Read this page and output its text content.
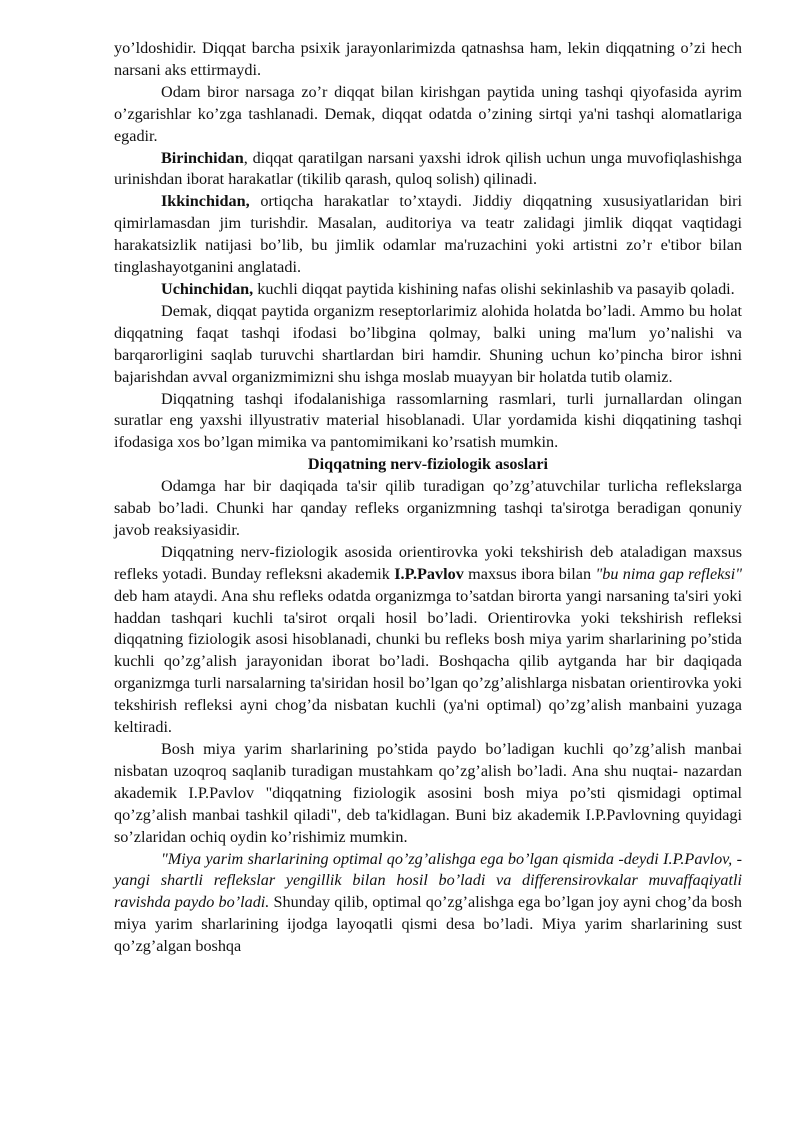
yo’ldoshidir. Diqqat barcha psixik jarayonlarimizda qatnashsa ham, lekin diqqatning o’zi hech narsani aks ettirmaydi.

Odam biror narsaga zo’r diqqat bilan kirishgan paytida uning tashqi qiyofasida ayrim o’zgarishlar ko’zga tashlanadi. Demak, diqqat odatda o’zining sirtqi ya'ni tashqi alomatlariga egadir.

Birinchidan, diqqat qaratilgan narsani yaxshi idrok qilish uchun unga muvofiqlashishga urinishdan iborat harakatlar (tikilib qarash, quloq solish) qilinadi.

Ikkinchidan, ortiqcha harakatlar to’xtaydi. Jiddiy diqqatning xususiyatlaridan biri qimirlamasdan jim turishdir. Masalan, auditoriya va teatr zalidagi jimlik diqqat vaqtidagi harakatsizlik natijasi bo’lib, bu jimlik odamlar ma'ruzachini yoki artistni zo’r e'tibor bilan tinglashayotganini anglatadi.

Uchinchidan, kuchli diqqat paytida kishining nafas olishi sekinlashib va pasayib qoladi.

Demak, diqqat paytida organizm reseptorlarimiz alohida holatda bo’ladi. Ammo bu holat diqqatning faqat tashqi ifodasi bo’libgina qolmay, balki uning ma'lum yo’nalishi va barqarorligini saqlab turuvchi shartlardan biri hamdir. Shuning uchun ko’pincha biror ishni bajarishdan avval organizmimizni shu ishga moslab muayyan bir holatda tutib olamiz.

Diqqatning tashqi ifodalanishiga rassomlarning rasmlari, turli jurnallardan olingan suratlar eng yaxshi illyustrativ material hisoblanadi. Ular yordamida kishi diqqatining tashqi ifodasiga xos bo’lgan mimika va pantomimikani ko’rsatish mumkin.

Diqqatning nerv-fiziologik asoslari

Odamga har bir daqiqada ta'sir qilib turadigan qo’zg’atuvchilar turlicha reflekslarga sabab bo’ladi. Chunki har qanday refleks organizmning tashqi ta'sirotga beradigan qonuniy javob reaksiyasidir.

Diqqatning nerv-fiziologik asosida orientirovka yoki tekshirish deb ataladigan maxsus refleks yotadi. Bunday refleksni akademik I.P.Pavlov maxsus ibora bilan "bu nima gap refleksi" deb ham ataydi. Ana shu refleks odatda organizmga to’satdan birorta yangi narsaning ta'siri yoki haddan tashqari kuchli ta'sirot orqali hosil bo’ladi. Orientirovka yoki tekshirish refleksi diqqatning fiziologik asosi hisoblanadi, chunki bu refleks bosh miya yarim sharlarining po’stida kuchli qo’zg’alish jarayonidan iborat bo’ladi. Boshqacha qilib aytganda har bir daqiqada organizmga turli narsalarning ta'siridan hosil bo’lgan qo’zg’alishlarga nisbatan orientirovka yoki tekshirish refleksi ayni chog’da nisbatan kuchli (ya'ni optimal) qo’zg’alish manbaini yuzaga keltiradi.

Bosh miya yarim sharlarining po’stida paydo bo’ladigan kuchli qo’zg’alish manbai nisbatan uzoqroq saqlanib turadigan mustahkam qo’zg’alish bo’ladi. Ana shu nuqtai- nazardan akademik I.P.Pavlov "diqqatning fiziologik asosini bosh miya po’sti qismidagi optimal qo’zg’alish manbai tashkil qiladi", deb ta'kidlagan. Buni biz akademik I.P.Pavlovning quyidagi so’zlaridan ochiq oydin ko’rishimiz mumkin.

"Miya yarim sharlarining optimal qo’zg’alishga ega bo’lgan qismida -deydi I.P.Pavlov, - yangi shartli reflekslar yengillik bilan hosil bo’ladi va differensirovkalar muvaffaqiyatli ravishda paydo bo’ladi. Shunday qilib, optimal qo’zg’alishga ega bo’lgan joy ayni chog’da bosh miya yarim sharlarining ijodga layoqatli qismi desa bo’ladi. Miya yarim sharlarining sust qo’zg’algan boshqa
